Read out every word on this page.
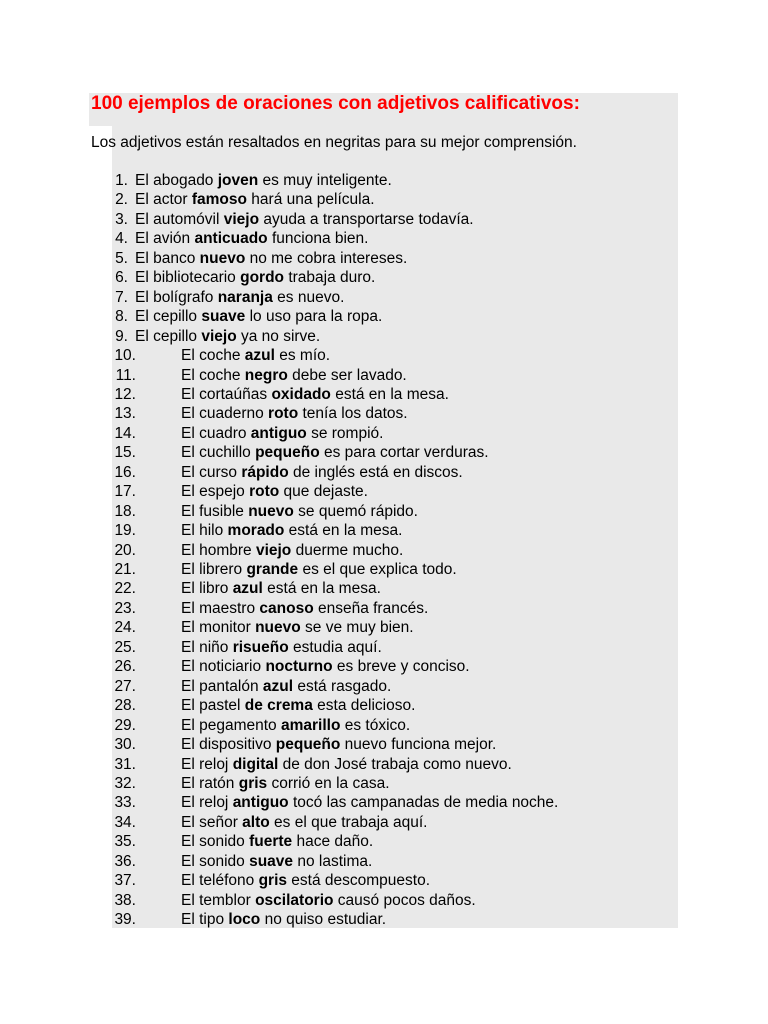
100 ejemplos de oraciones con adjetivos calificativos:

Los adjetivos están resaltados en negritas para su mejor comprensión.

1. El abogado joven es muy inteligente.
2. El actor famoso hará una película.
3. El automóvil viejo ayuda a transportarse todavía.
4. El avión anticuado funciona bien.
5. El banco nuevo no me cobra intereses.
6. El bibliotecario gordo trabaja duro.
7. El bolígrafo naranja es nuevo.
8. El cepillo suave lo uso para la ropa.
9. El cepillo viejo ya no sirve.
10.	El coche azul es mío.
11.	El coche negro debe ser lavado.
12.	El cortaúñas oxidado está en la mesa.
13.	El cuaderno roto tenía los datos.
14.	El cuadro antiguo se rompió.
15.	El cuchillo pequeño es para cortar verduras.
16.	El curso rápido de inglés está en discos.
17.	El espejo roto que dejaste.
18.	El fusible nuevo se quemó rápido.
19.	El hilo morado está en la mesa.
20.	El hombre viejo duerme mucho.
21.	El librero grande es el que explica todo.
22.	El libro azul está en la mesa.
23.	El maestro canoso enseña francés.
24.	El monitor nuevo se ve muy bien.
25.	El niño risueño estudia aquí.
26.	El noticiario nocturno es breve y conciso.
27.	El pantalón azul está rasgado.
28.	El pastel de crema esta delicioso.
29.	El pegamento amarillo es tóxico.
30.	El dispositivo pequeño nuevo funciona mejor.
31.	El reloj digital de don José trabaja como nuevo.
32.	El ratón gris corrió en la casa.
33.	El reloj antiguo tocó las campanadas de media noche.
34.	El señor alto es el que trabaja aquí.
35.	El sonido fuerte hace daño.
36.	El sonido suave no lastima.
37.	El teléfono gris está descompuesto.
38.	El temblor oscilatorio causó pocos daños.
39.	El tipo loco no quiso estudiar.
